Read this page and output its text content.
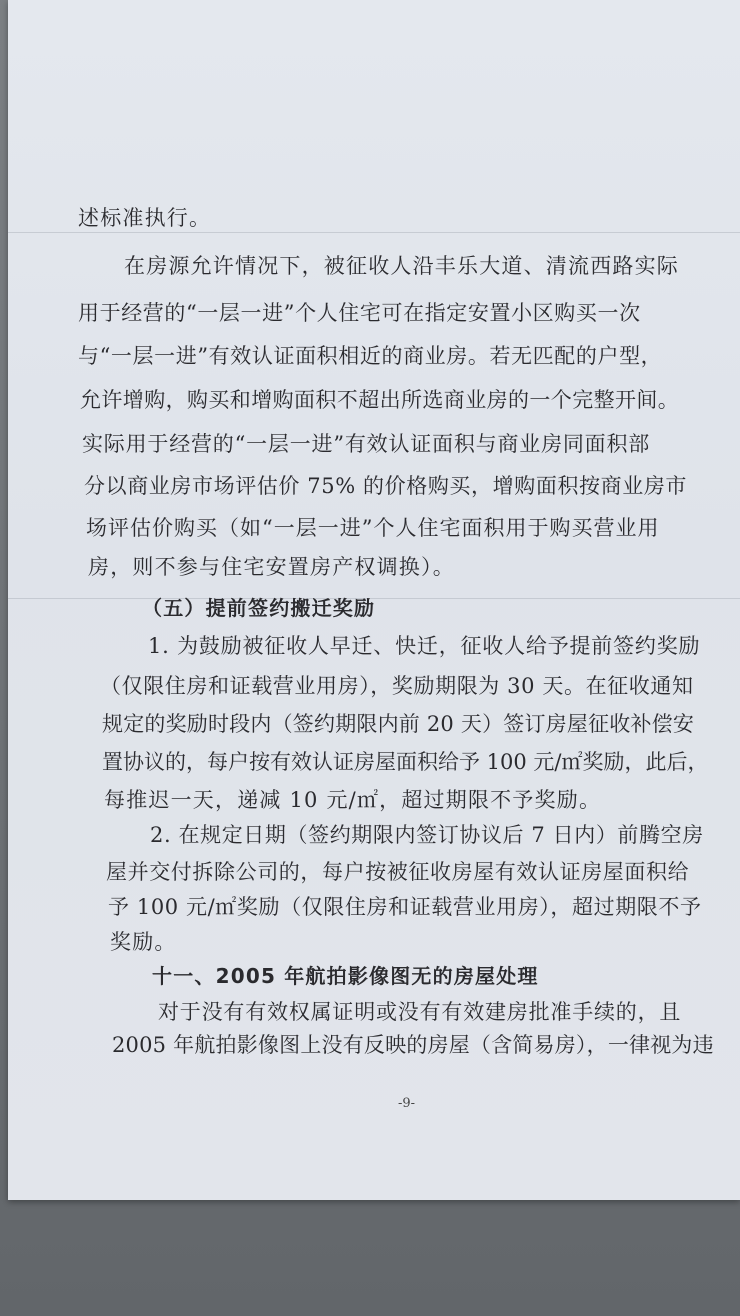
述标准执行。
在房源允许情况下，被征收人沿丰乐大道、清流西路实际
用于经营的“一层一进”个人住宅可在指定安置小区购买一次
与“一层一进”有效认证面积相近的商业房。若无匹配的户型，
允许增购，购买和增购面积不超出所选商业房的一个完整开间。
实际用于经营的“一层一进”有效认证面积与商业房同面积部
分以商业房市场评估价 75% 的价格购买，增购面积按商业房市
场评估价购买（如“一层一进”个人住宅面积用于购买营业用
房，则不参与住宅安置房产权调换）。
（五）提前签约搬迁奖励
1. 为鼓励被征收人早迁、快迁，征收人给予提前签约奖励
（仅限住房和证载营业用房），奖励期限为 30 天。在征收通知
规定的奖励时段内（签约期限内前 20 天）签订房屋征收补偿安
置协议的，每户按有效认证房屋面积给予 100 元/㎡奖励，此后，
每推迟一天，递减 10 元/㎡，超过期限不予奖励。
2. 在规定日期（签约期限内签订协议后 7 日内）前腾空房
屋并交付拆除公司的，每户按被征收房屋有效认证房屋面积给
予 100 元/㎡奖励（仅限住房和证载营业用房），超过期限不予
奖励。
十一、2005 年航拍影像图无的房屋处理
对于没有有效权属证明或没有有效建房批准手续的，且
2005 年航拍影像图上没有反映的房屋（含简易房），一律视为违
-9-
